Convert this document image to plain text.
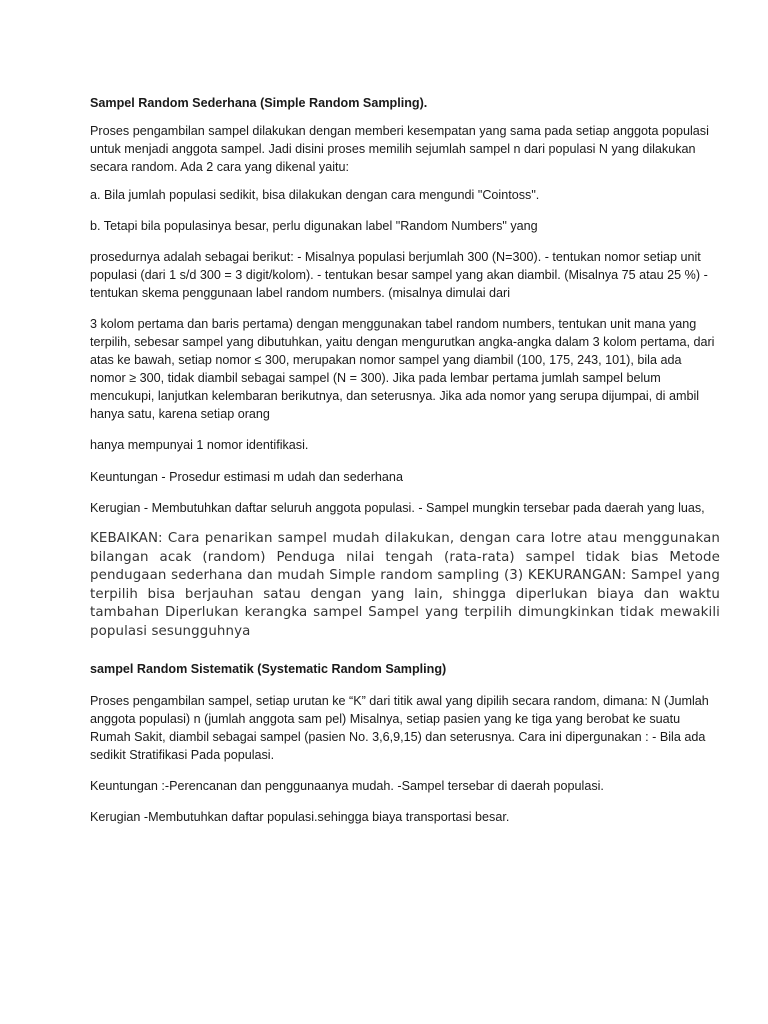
Sampel Random Sederhana (Simple Random Sampling).

Proses pengambilan sampel dilakukan dengan memberi kesempatan yang sama pada setiap anggota populasi untuk menjadi anggota sampel. Jadi disini proses memilih sejumlah sampel n dari populasi N yang dilakukan secara random. Ada 2 cara yang dikenal yaitu:

a. Bila jumlah populasi sedikit, bisa dilakukan dengan cara mengundi "Cointoss".

b. Tetapi bila populasinya besar, perlu digunakan label "Random Numbers" yang

prosedurnya adalah sebagai berikut: - Misalnya populasi berjumlah 300 (N=300). - tentukan nomor setiap unit populasi (dari 1 s/d 300 = 3 digit/kolom). - tentukan besar sampel yang akan diambil. (Misalnya 75 atau 25 %) - tentukan skema penggunaan label random numbers. (misalnya dimulai dari

3 kolom pertama dan baris pertama) dengan menggunakan tabel random numbers, tentukan unit mana yang terpilih, sebesar sampel yang dibutuhkan, yaitu dengan mengurutkan angka-angka dalam 3 kolom pertama, dari atas ke bawah, setiap nomor ≤ 300, merupakan nomor sampel yang diambil (100, 175, 243, 101), bila ada nomor ≥ 300, tidak diambil sebagai sampel (N = 300). Jika pada lembar pertama jumlah sampel belum mencukupi, lanjutkan kelembaran berikutnya, dan seterusnya. Jika ada nomor yang serupa dijumpai, di ambil hanya satu, karena setiap orang

hanya mempunyai 1 nomor identifikasi.

Keuntungan - Prosedur estimasi m udah dan sederhana

Kerugian - Membutuhkan daftar seluruh anggota populasi. - Sampel mungkin tersebar pada daerah yang luas,

KEBAIKAN: Cara penarikan sampel mudah dilakukan, dengan cara lotre atau menggunakan bilangan acak (random) Penduga nilai tengah (rata-rata) sampel tidak bias Metode pendugaan sederhana dan mudah Simple random sampling (3) KEKURANGAN: Sampel yang terpilih bisa berjauhan satau dengan yang lain, shingga diperlukan biaya dan waktu tambahan Diperlukan kerangka sampel Sampel yang terpilih dimungkinkan tidak mewakili populasi sesungguhnya

sampel Random Sistematik (Systematic Random Sampling)

Proses pengambilan sampel, setiap urutan ke “K” dari titik awal yang dipilih secara random, dimana: N (Jumlah anggota populasi) n (jumlah anggota sam pel) Misalnya, setiap pasien yang ke tiga yang berobat ke suatu Rumah Sakit, diambil sebagai sampel (pasien No. 3,6,9,15) dan seterusnya. Cara ini dipergunakan : - Bila ada sedikit Stratifikasi Pada populasi.

Keuntungan :-Perencanan dan penggunaanya mudah. -Sampel tersebar di daerah populasi.

Kerugian -Membutuhkan daftar populasi.sehingga biaya transportasi besar.
